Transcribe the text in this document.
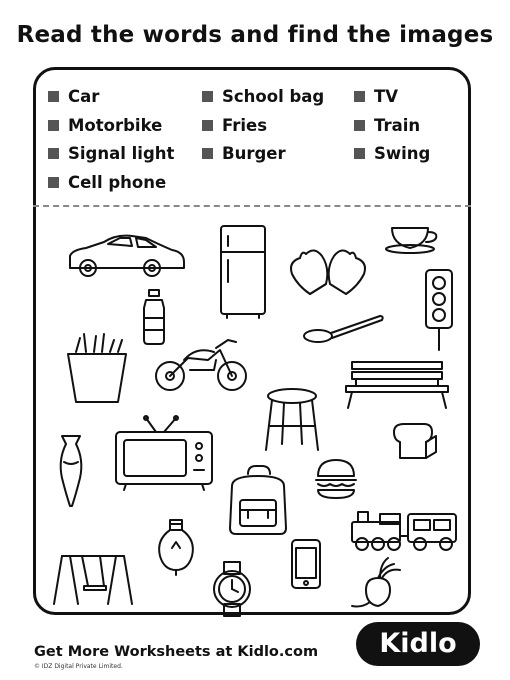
Read the words and find the images
Car
Motorbike
Signal light
Cell phone
School bag
Fries
Burger
TV
Train
Swing
Get More Worksheets at Kidlo.com
© IDZ Digital Private Limited.
Kidlo
